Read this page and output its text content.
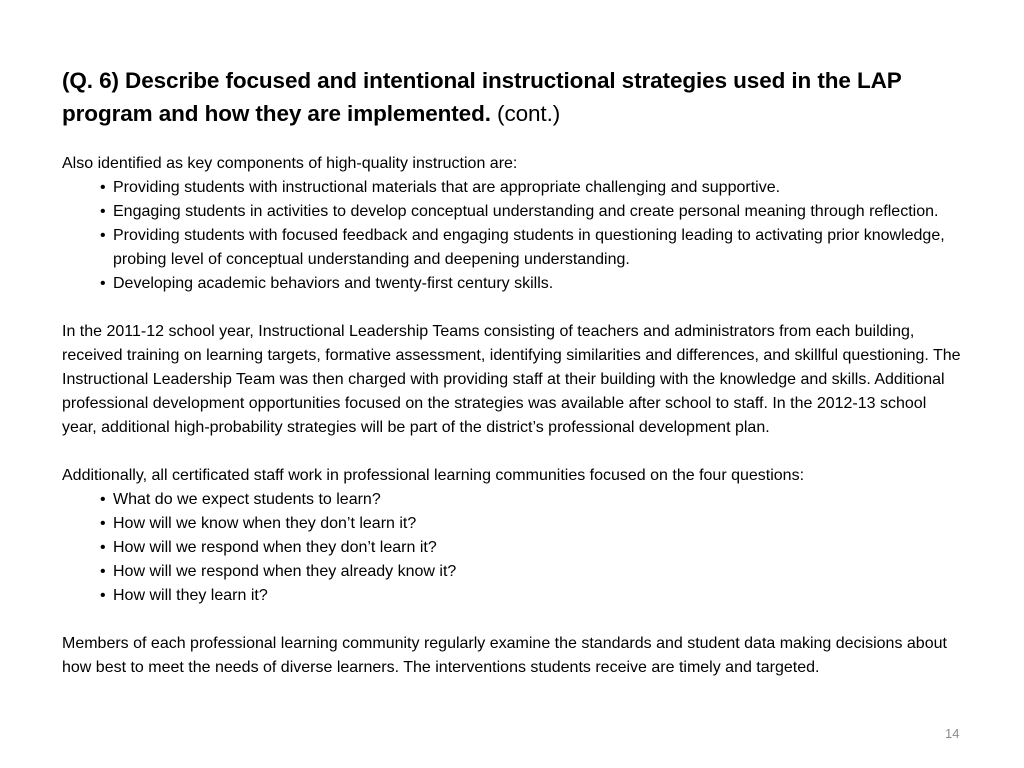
(Q. 6) Describe focused and intentional instructional strategies used in the LAP program and how they are implemented. (cont.)

Also identified as key components of high-quality instruction are:

• Providing students with instructional materials that are appropriate challenging and supportive.
• Engaging students in activities to develop conceptual understanding and create personal meaning through reflection.
• Providing students with focused feedback and engaging students in questioning leading to activating prior knowledge, probing level of conceptual understanding and deepening understanding.
• Developing academic behaviors and twenty-first century skills.

In the 2011-12 school year, Instructional Leadership Teams consisting of teachers and administrators from each building, received training on learning targets, formative assessment, identifying similarities and differences, and skillful questioning. The Instructional Leadership Team was then charged with providing staff at their building with the knowledge and skills. Additional professional development opportunities focused on the strategies was available after school to staff. In the 2012-13 school year, additional high-probability strategies will be part of the district’s professional development plan.

Additionally, all certificated staff work in professional learning communities focused on the four questions:

• What do we expect students to learn?
• How will we know when they don’t learn it?
• How will we respond when they don’t learn it?
• How will we respond when they already know it?
• How will they learn it?

Members of each professional learning community regularly examine the standards and student data making decisions about how best to meet the needs of diverse learners. The interventions students receive are timely and targeted.

14
